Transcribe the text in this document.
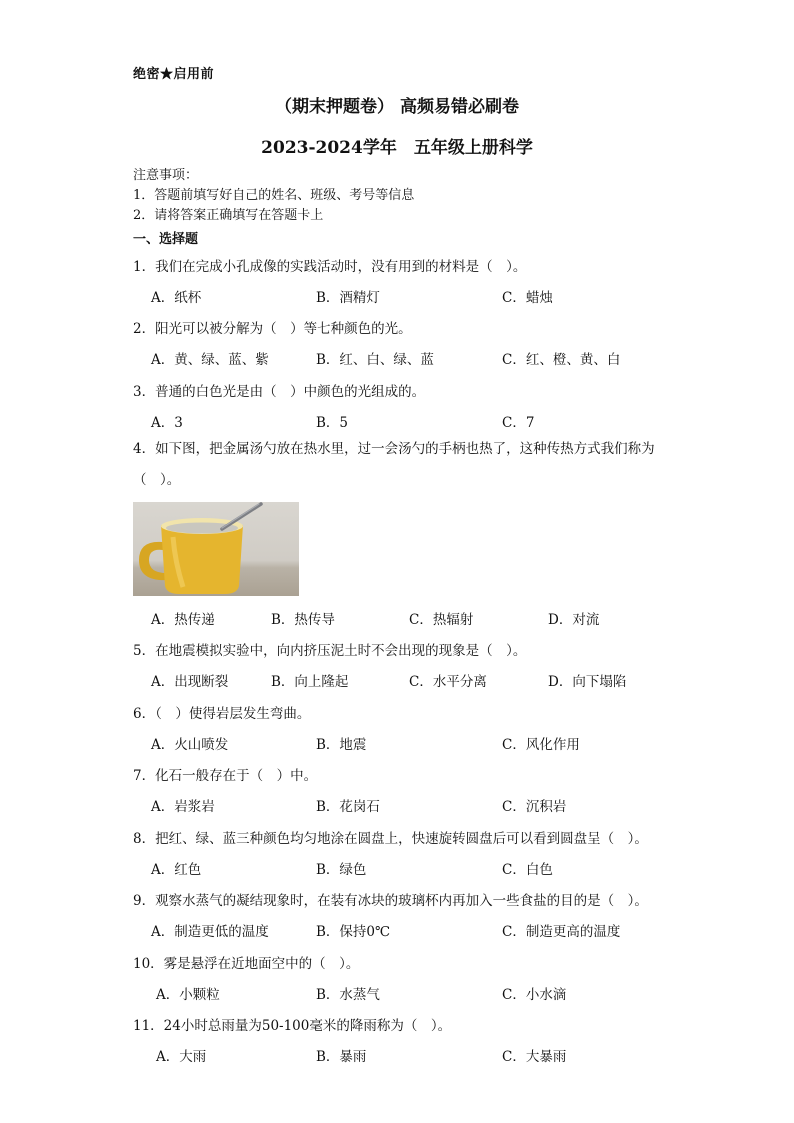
绝密★启用前
（期末押题卷） 高频易错必刷卷
2023-2024学年　五年级上册科学
注意事项：
1．答题前填写好自己的姓名、班级、考号等信息
2．请将答案正确填写在答题卡上
一、选择题
1．我们在完成小孔成像的实践活动时，没有用到的材料是（　）。
A．纸杯	B．酒精灯	C．蜡烛
2．阳光可以被分解为（　）等七种颜色的光。
A．黄、绿、蓝、紫	B．红、白、绿、蓝	C．红、橙、黄、白
3．普通的白色光是由（　）中颜色的光组成的。
A．3	B．5	C．7
4．如下图，把金属汤勺放在热水里，过一会汤勺的手柄也热了，这种传热方式我们称为（　）。
A．热传递	B．热传导	C．热辐射	D．对流
5．在地震模拟实验中，向内挤压泥土时不会出现的现象是（　）。
A．出现断裂	B．向上隆起	C．水平分离	D．向下塌陷
6．（　）使得岩层发生弯曲。
A．火山喷发	B．地震	C．风化作用
7．化石一般存在于（　）中。
A．岩浆岩	B．花岗石	C．沉积岩
8．把红、绿、蓝三种颜色均匀地涂在圆盘上，快速旋转圆盘后可以看到圆盘呈（　）。
A．红色	B．绿色	C．白色
9．观察水蒸气的凝结现象时，在装有冰块的玻璃杯内再加入一些食盐的目的是（　）。
A．制造更低的温度	B．保持0℃	C．制造更高的温度
10．雾是悬浮在近地面空中的（　）。
A．小颗粒	B．水蒸气	C．小水滴
11．24小时总雨量为50-100毫米的降雨称为（　）。
A．大雨	B．暴雨	C．大暴雨
